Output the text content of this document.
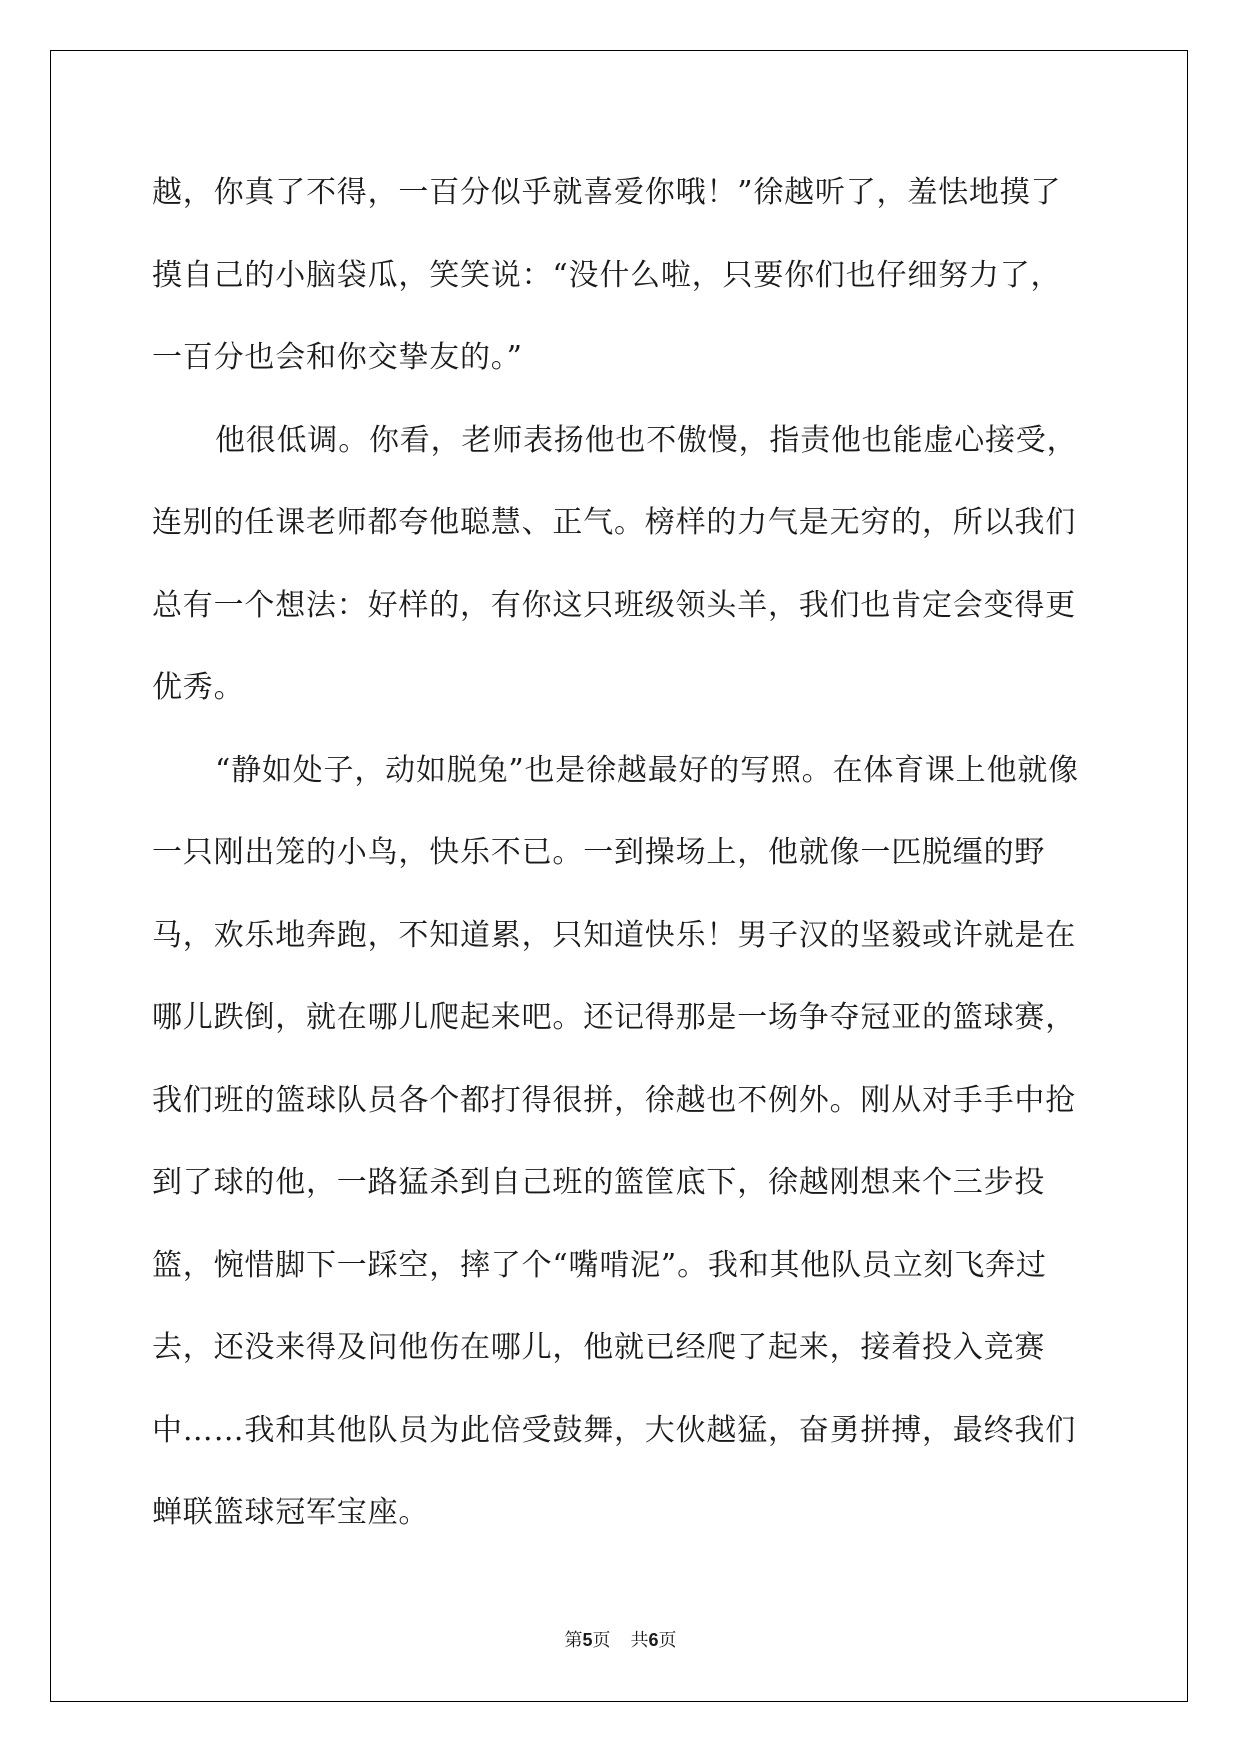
越，你真了不得，一百分似乎就喜爱你哦！”徐越听了，羞怯地摸了摸自己的小脑袋瓜，笑笑说：“没什么啦，只要你们也仔细努力了，一百分也会和你交挚友的。”

他很低调。你看，老师表扬他也不傲慢，指责他也能虚心接受，连别的任课老师都夸他聪慧、正气。榜样的力气是无穷的，所以我们总有一个想法：好样的，有你这只班级领头羊，我们也肯定会变得更优秀。

“静如处子，动如脱兔”也是徐越最好的写照。在体育课上他就像一只刚出笼的小鸟，快乐不已。一到操场上，他就像一匹脱缰的野马，欢乐地奔跑，不知道累，只知道快乐！男子汉的坚毅或许就是在哪儿跌倒，就在哪儿爬起来吧。还记得那是一场争夺冠亚的篮球赛，我们班的篮球队员各个都打得很拼，徐越也不例外。刚从对手手中抢到了球的他，一路猛杀到自己班的篮筐底下，徐越刚想来个三步投篮，惋惜脚下一踩空，摔了个“嘴啃泥”。我和其他队员立刻飞奔过去，还没来得及问他伤在哪儿，他就已经爬了起来，接着投入竞赛中……我和其他队员为此倍受鼓舞，大伙越猛，奋勇拼搏，最终我们蝉联篮球冠军宝座。

第5页 共6页
